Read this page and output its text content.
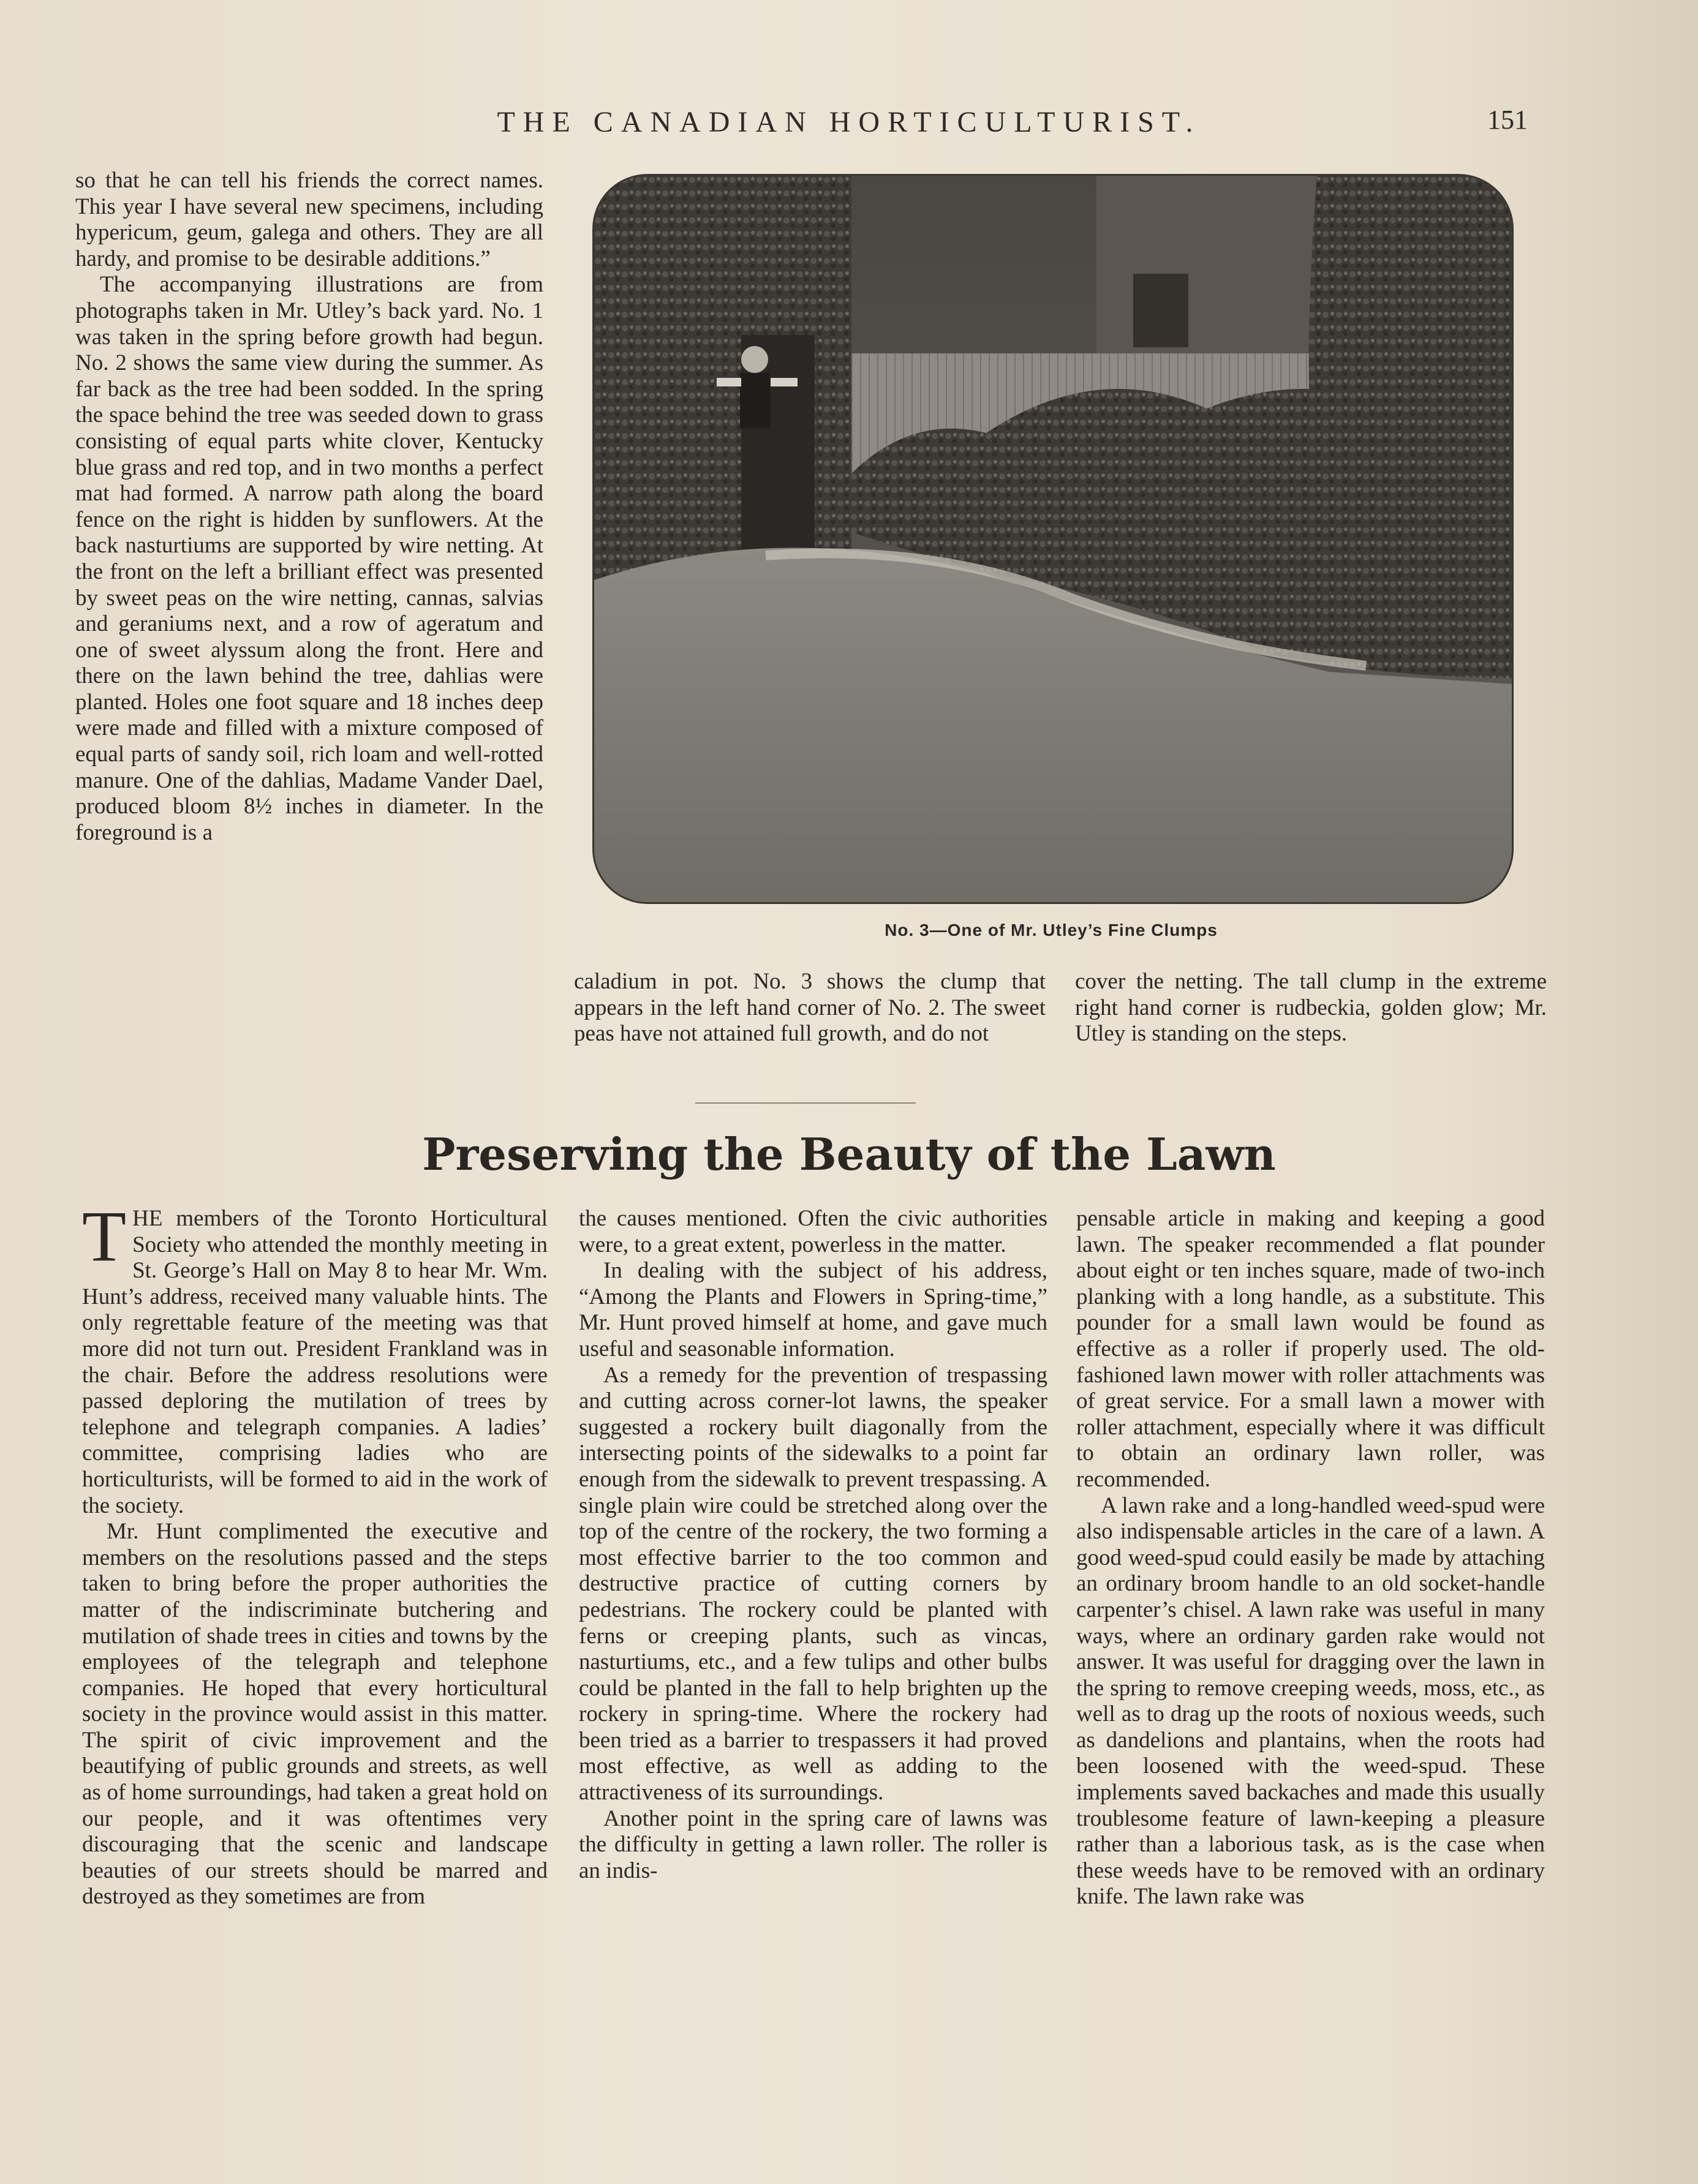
THE CANADIAN HORTICULTURIST.	151

so that he can tell his friends the correct names. This year I have several new specimens, including hypericum, geum, galega and others. They are all hardy, and promise to be desirable additions.”

The accompanying illustrations are from photographs taken in Mr. Utley’s back yard. No. 1 was taken in the spring before growth had begun. No. 2 shows the same view during the summer. As far back as the tree had been sodded. In the spring the space behind the tree was seeded down to grass consisting of equal parts white clover, Kentucky blue grass and red top, and in two months a perfect mat had formed. A narrow path along the board fence on the right is hidden by sunflowers. At the back nasturtiums are supported by wire netting. At the front on the left a brilliant effect was presented by sweet peas on the wire netting, cannas, salvias and geraniums next, and a row of ageratum and one of sweet alyssum along the front. Here and there on the lawn behind the tree, dahlias were planted. Holes one foot square and 18 inches deep were made and filled with a mixture composed of equal parts of sandy soil, rich loam and well-rotted manure. One of the dahlias, Madame Vander Dael, produced bloom 8½ inches in diameter. In the foreground is a

No. 3—One of Mr. Utley’s Fine Clumps

caladium in pot. No. 3 shows the clump that appears in the left hand corner of No. 2. The sweet peas have not attained full growth, and do not

cover the netting. The tall clump in the extreme right hand corner is rudbeckia, golden glow; Mr. Utley is standing on the steps.

Preserving the Beauty of the Lawn

THE members of the Toronto Horticultural Society who attended the monthly meeting in St. George’s Hall on May 8 to hear Mr. Wm. Hunt’s address, received many valuable hints. The only regrettable feature of the meeting was that more did not turn out. President Frankland was in the chair. Before the address resolutions were passed deploring the mutilation of trees by telephone and telegraph companies. A ladies’ committee, comprising ladies who are horticulturists, will be formed to aid in the work of the society.

Mr. Hunt complimented the executive and members on the resolutions passed and the steps taken to bring before the proper authorities the matter of the indiscriminate butchering and mutilation of shade trees in cities and towns by the employees of the telegraph and telephone companies. He hoped that every horticultural society in the province would assist in this matter. The spirit of civic improvement and the beautifying of public grounds and streets, as well as of home surroundings, had taken a great hold on our people, and it was oftentimes very discouraging that the scenic and landscape beauties of our streets should be marred and destroyed as they sometimes are from

the causes mentioned. Often the civic authorities were, to a great extent, powerless in the matter.

In dealing with the subject of his address, “Among the Plants and Flowers in Spring-time,” Mr. Hunt proved himself at home, and gave much useful and seasonable information.

As a remedy for the prevention of trespassing and cutting across corner-lot lawns, the speaker suggested a rockery built diagonally from the intersecting points of the sidewalks to a point far enough from the sidewalk to prevent trespassing. A single plain wire could be stretched along over the top of the centre of the rockery, the two forming a most effective barrier to the too common and destructive practice of cutting corners by pedestrians. The rockery could be planted with ferns or creeping plants, such as vincas, nasturtiums, etc., and a few tulips and other bulbs could be planted in the fall to help brighten up the rockery in spring-time. Where the rockery had been tried as a barrier to trespassers it had proved most effective, as well as adding to the attractiveness of its surroundings.

Another point in the spring care of lawns was the difficulty in getting a lawn roller. The roller is an indis-

pensable article in making and keeping a good lawn. The speaker recommended a flat pounder about eight or ten inches square, made of two-inch planking with a long handle, as a substitute. This pounder for a small lawn would be found as effective as a roller if properly used. The old-fashioned lawn mower with roller attachments was of great service. For a small lawn a mower with roller attachment, especially where it was difficult to obtain an ordinary lawn roller, was recommended.

A lawn rake and a long-handled weed-spud were also indispensable articles in the care of a lawn. A good weed-spud could easily be made by attaching an ordinary broom handle to an old socket-handle carpenter’s chisel. A lawn rake was useful in many ways, where an ordinary garden rake would not answer. It was useful for dragging over the lawn in the spring to remove creeping weeds, moss, etc., as well as to drag up the roots of noxious weeds, such as dandelions and plantains, when the roots had been loosened with the weed-spud. These implements saved backaches and made this usually troublesome feature of lawn-keeping a pleasure rather than a laborious task, as is the case when these weeds have to be removed with an ordinary knife. The lawn rake was
